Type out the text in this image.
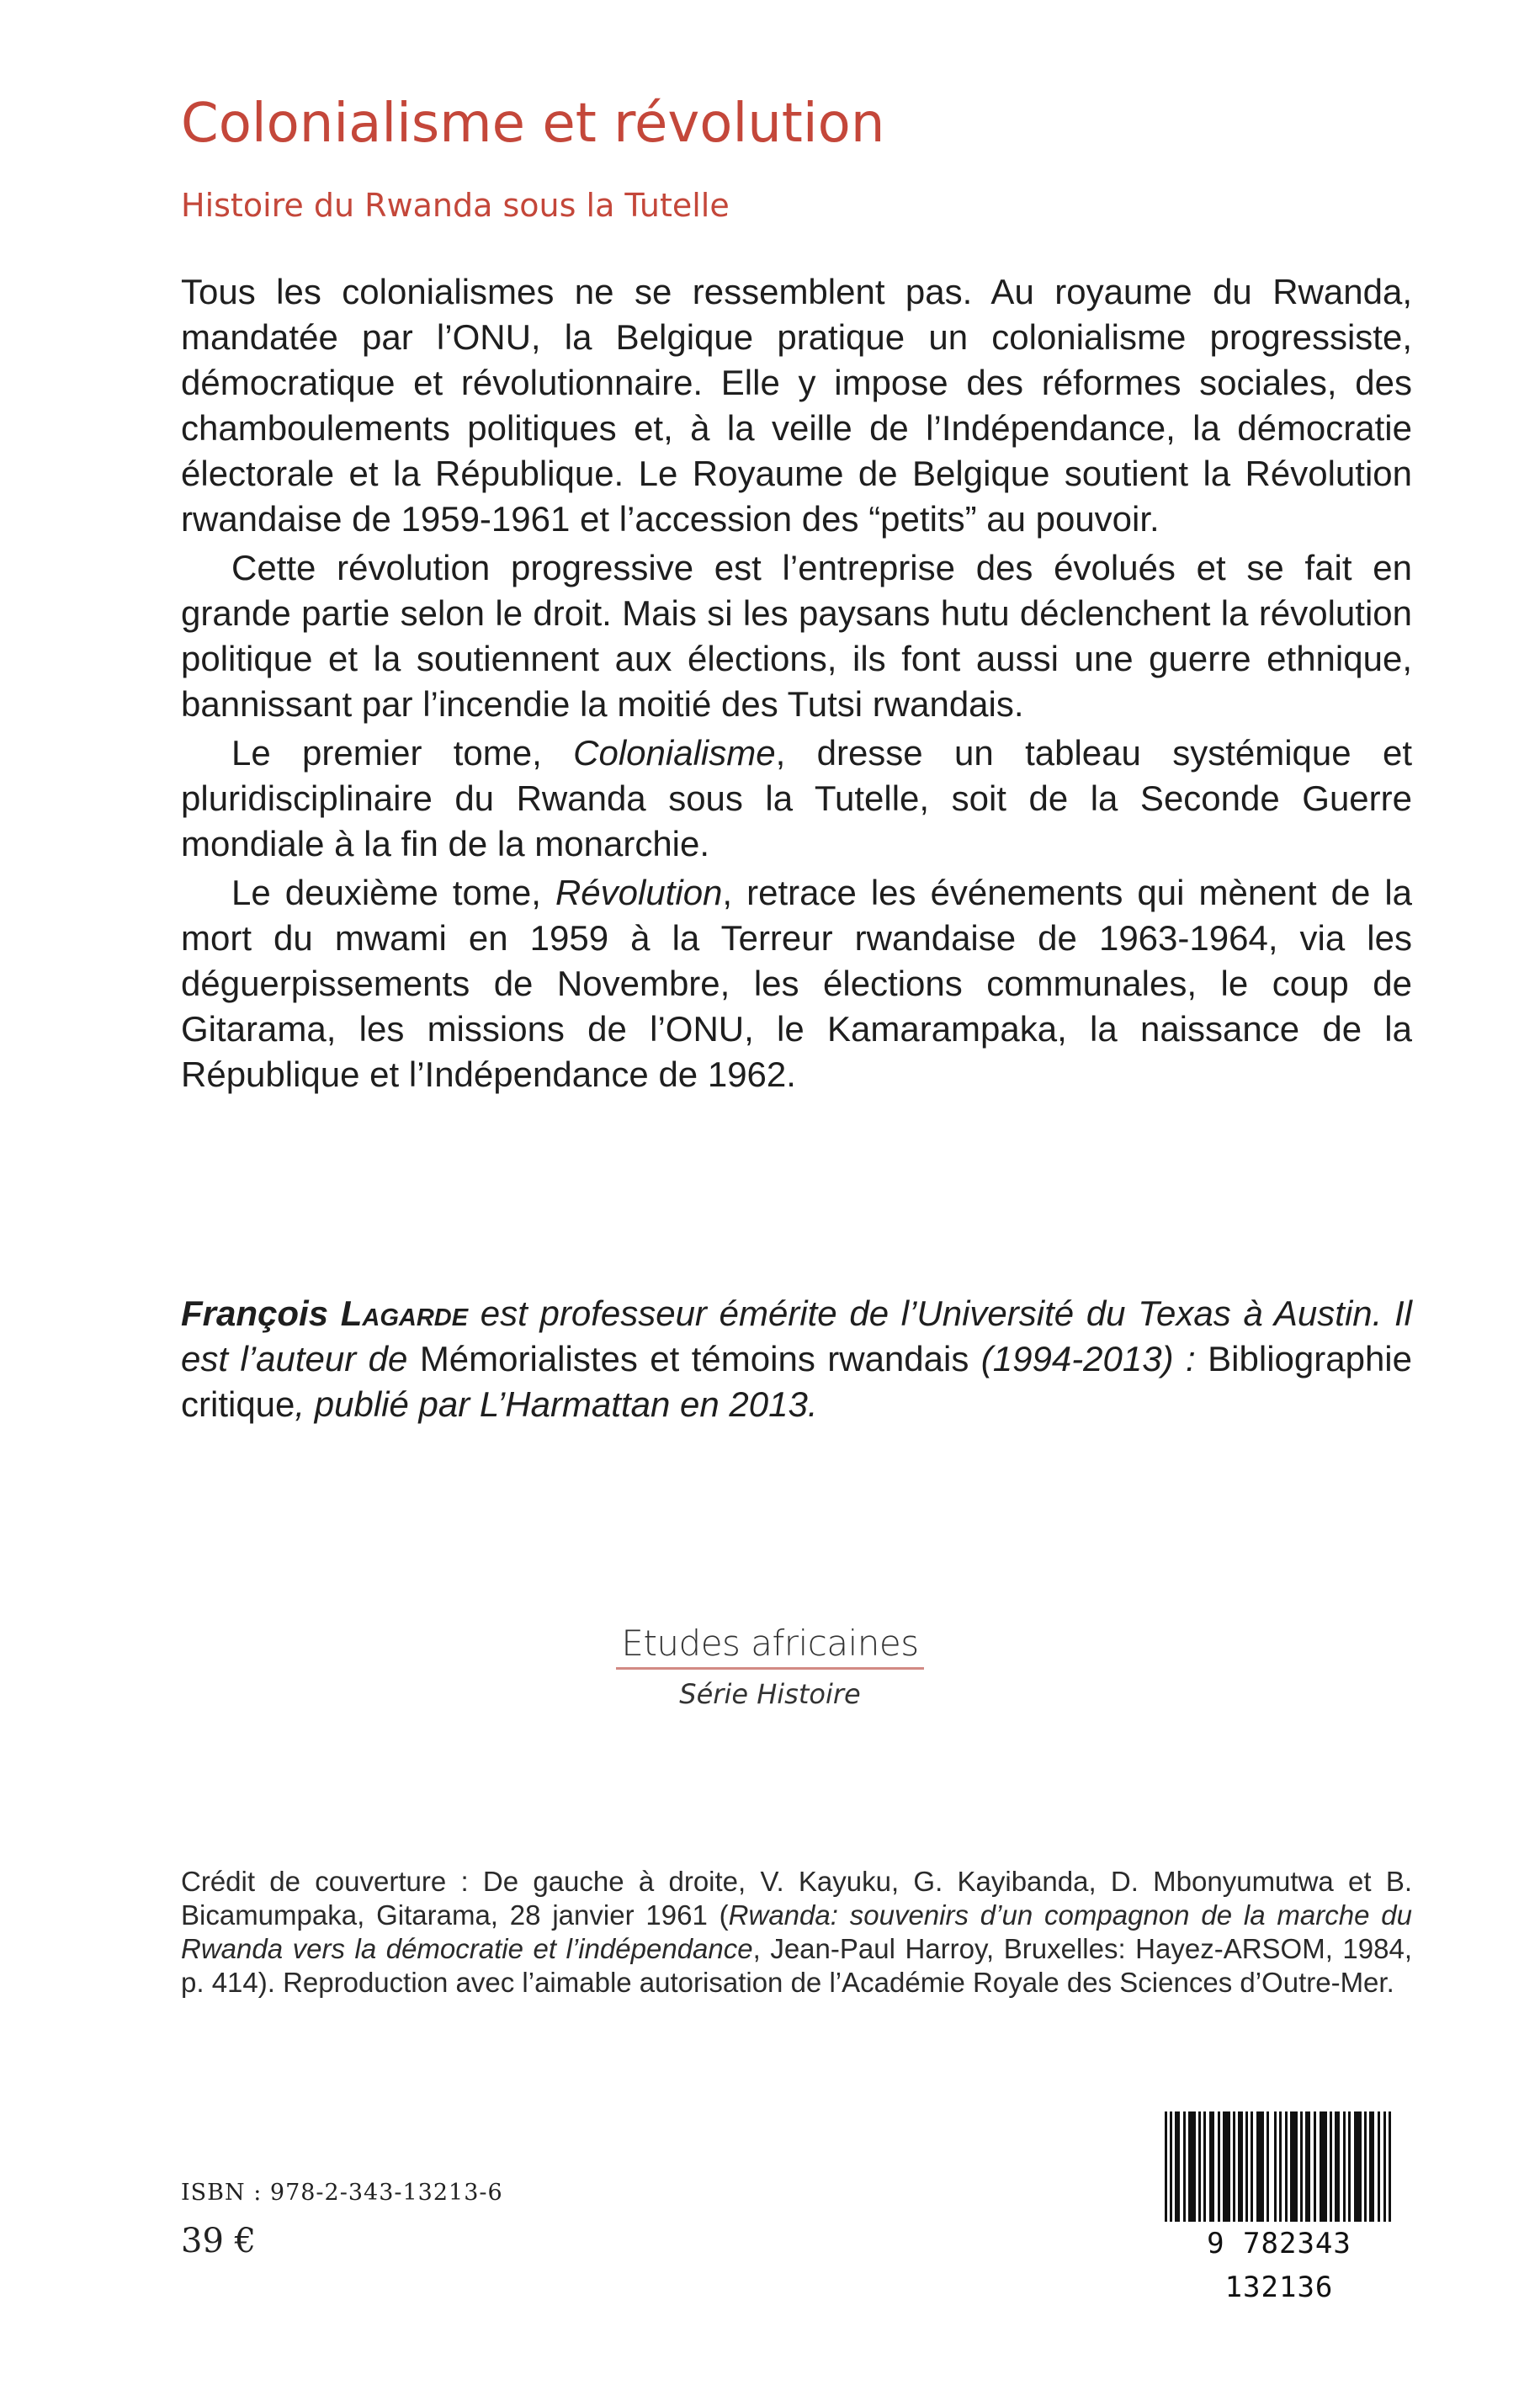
Colonialisme et révolution
Histoire du Rwanda sous la Tutelle

Tous les colonialismes ne se ressemblent pas. Au royaume du Rwanda, mandatée par l’ONU, la Belgique pratique un colonialisme progressiste, démocratique et révolutionnaire. Elle y impose des réformes sociales, des chamboulements politiques et, à la veille de l’Indépendance, la démocratie électorale et la République. Le Royaume de Belgique soutient la Révolution rwandaise de 1959-1961 et l’accession des “petits” au pouvoir.

Cette révolution progressive est l’entreprise des évolués et se fait en grande partie selon le droit. Mais si les paysans hutu déclenchent la révolution politique et la soutiennent aux élections, ils font aussi une guerre ethnique, bannissant par l’incendie la moitié des Tutsi rwandais.

Le premier tome, Colonialisme, dresse un tableau systémique et pluridisciplinaire du Rwanda sous la Tutelle, soit de la Seconde Guerre mondiale à la fin de la monarchie.

Le deuxième tome, Révolution, retrace les événements qui mènent de la mort du mwami en 1959 à la Terreur rwandaise de 1963-1964, via les déguerpissements de Novembre, les élections communales, le coup de Gitarama, les missions de l’ONU, le Kamarampaka, la naissance de la République et l’Indépendance de 1962.

François Lagarde est professeur émérite de l’Université du Texas à Austin. Il est l’auteur de Mémorialistes et témoins rwandais (1994-2013) : Bibliographie critique, publié par L’Harmattan en 2013.
Etudes africaines
Série Histoire
Crédit de couverture : De gauche à droite, V. Kayuku, G. Kayibanda, D. Mbonyumutwa et B. Bicamumpaka, Gitarama, 28 janvier 1961 (Rwanda: souvenirs d’un compagnon de la marche du Rwanda vers la démocratie et l’indépendance, Jean-Paul Harroy, Bruxelles: Hayez-ARSOM, 1984, p. 414). Reproduction avec l’aimable autorisation de l’Académie Royale des Sciences d’Outre-Mer.
ISBN : 978-2-343-13213-6
39 €	9 782343 132136
